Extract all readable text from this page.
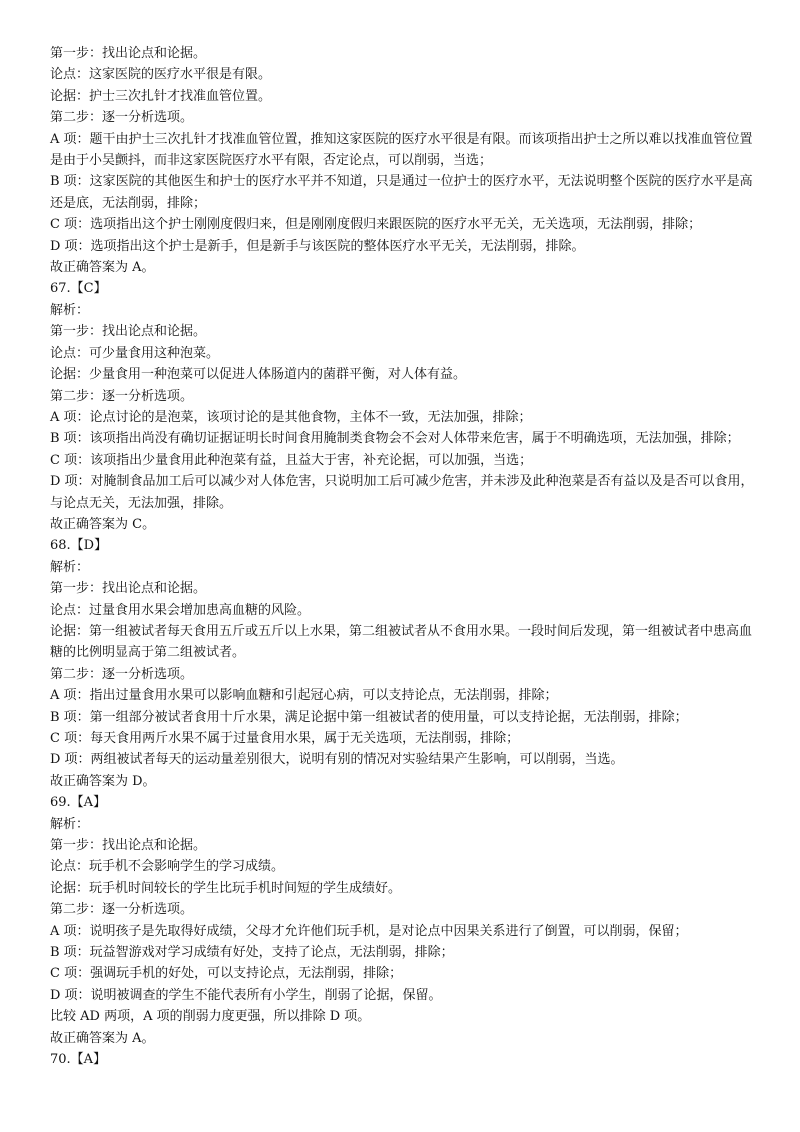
第一步：找出论点和论据。

论点：这家医院的医疗水平很是有限。

论据：护士三次扎针才找准血管位置。

第二步：逐一分析选项。

A 项：题干由护士三次扎针才找准血管位置，推知这家医院的医疗水平很是有限。而该项指出护士之所以难以找准血管位置是由于小吴颤抖，而非这家医院医疗水平有限，否定论点，可以削弱，当选；

B 项：这家医院的其他医生和护士的医疗水平并不知道，只是通过一位护士的医疗水平，无法说明整个医院的医疗水平是高还是底，无法削弱，排除；

C 项：选项指出这个护士刚刚度假归来，但是刚刚度假归来跟医院的医疗水平无关，无关选项，无法削弱，排除；

D 项：选项指出这个护士是新手，但是新手与该医院的整体医疗水平无关，无法削弱，排除。

故正确答案为 A。

67.【C】

解析：

第一步：找出论点和论据。

论点：可少量食用这种泡菜。

论据：少量食用一种泡菜可以促进人体肠道内的菌群平衡，对人体有益。

第二步：逐一分析选项。

A 项：论点讨论的是泡菜，该项讨论的是其他食物，主体不一致，无法加强，排除；

B 项：该项指出尚没有确切证据证明长时间食用腌制类食物会不会对人体带来危害，属于不明确选项，无法加强，排除；

C 项：该项指出少量食用此种泡菜有益，且益大于害，补充论据，可以加强，当选；

D 项：对腌制食品加工后可以减少对人体危害，只说明加工后可减少危害，并未涉及此种泡菜是否有益以及是否可以食用，与论点无关，无法加强，排除。

故正确答案为 C。

68.【D】

解析：

第一步：找出论点和论据。

论点：过量食用水果会增加患高血糖的风险。

论据：第一组被试者每天食用五斤或五斤以上水果，第二组被试者从不食用水果。一段时间后发现，第一组被试者中患高血糖的比例明显高于第二组被试者。

第二步：逐一分析选项。

A 项：指出过量食用水果可以影响血糖和引起冠心病，可以支持论点，无法削弱，排除；

B 项：第一组部分被试者食用十斤水果，满足论据中第一组被试者的使用量，可以支持论据，无法削弱，排除；

C 项：每天食用两斤水果不属于过量食用水果，属于无关选项，无法削弱，排除；

D 项：两组被试者每天的运动量差别很大，说明有别的情况对实验结果产生影响，可以削弱，当选。

故正确答案为 D。

69.【A】

解析：

第一步：找出论点和论据。

论点：玩手机不会影响学生的学习成绩。

论据：玩手机时间较长的学生比玩手机时间短的学生成绩好。

第二步：逐一分析选项。

A 项：说明孩子是先取得好成绩，父母才允许他们玩手机，是对论点中因果关系进行了倒置，可以削弱，保留；

B 项：玩益智游戏对学习成绩有好处，支持了论点，无法削弱，排除；

C 项：强调玩手机的好处，可以支持论点，无法削弱，排除；

D 项：说明被调查的学生不能代表所有小学生，削弱了论据，保留。

比较 AD 两项，A 项的削弱力度更强，所以排除 D 项。

故正确答案为 A。

70.【A】
